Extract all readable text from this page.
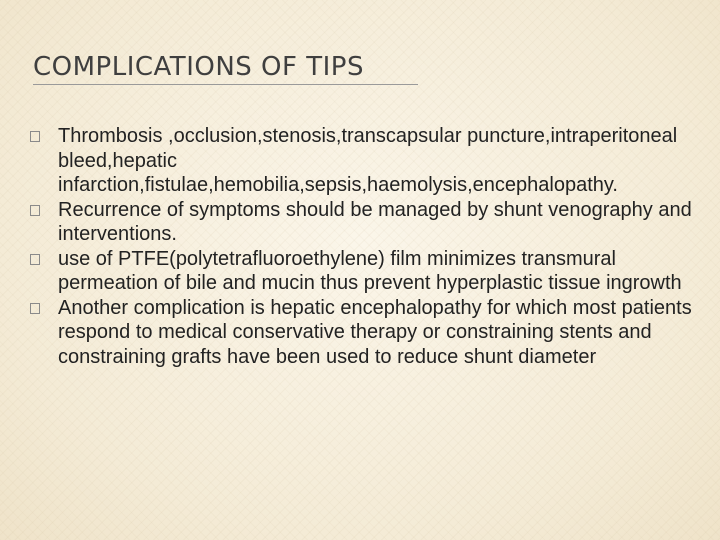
COMPLICATIONS OF TIPS
Thrombosis ,occlusion,stenosis,transcapsular puncture,intraperitoneal bleed,hepatic infarction,fistulae,hemobilia,sepsis,haemolysis,encephalopathy.
Recurrence of symptoms should be managed by shunt venography and interventions.
use of PTFE(polytetrafluoroethylene) film minimizes transmural permeation of bile and mucin thus prevent hyperplastic tissue ingrowth
Another complication is hepatic encephalopathy for which most patients respond to medical conservative therapy or constraining stents and constraining grafts have been used to reduce shunt diameter
